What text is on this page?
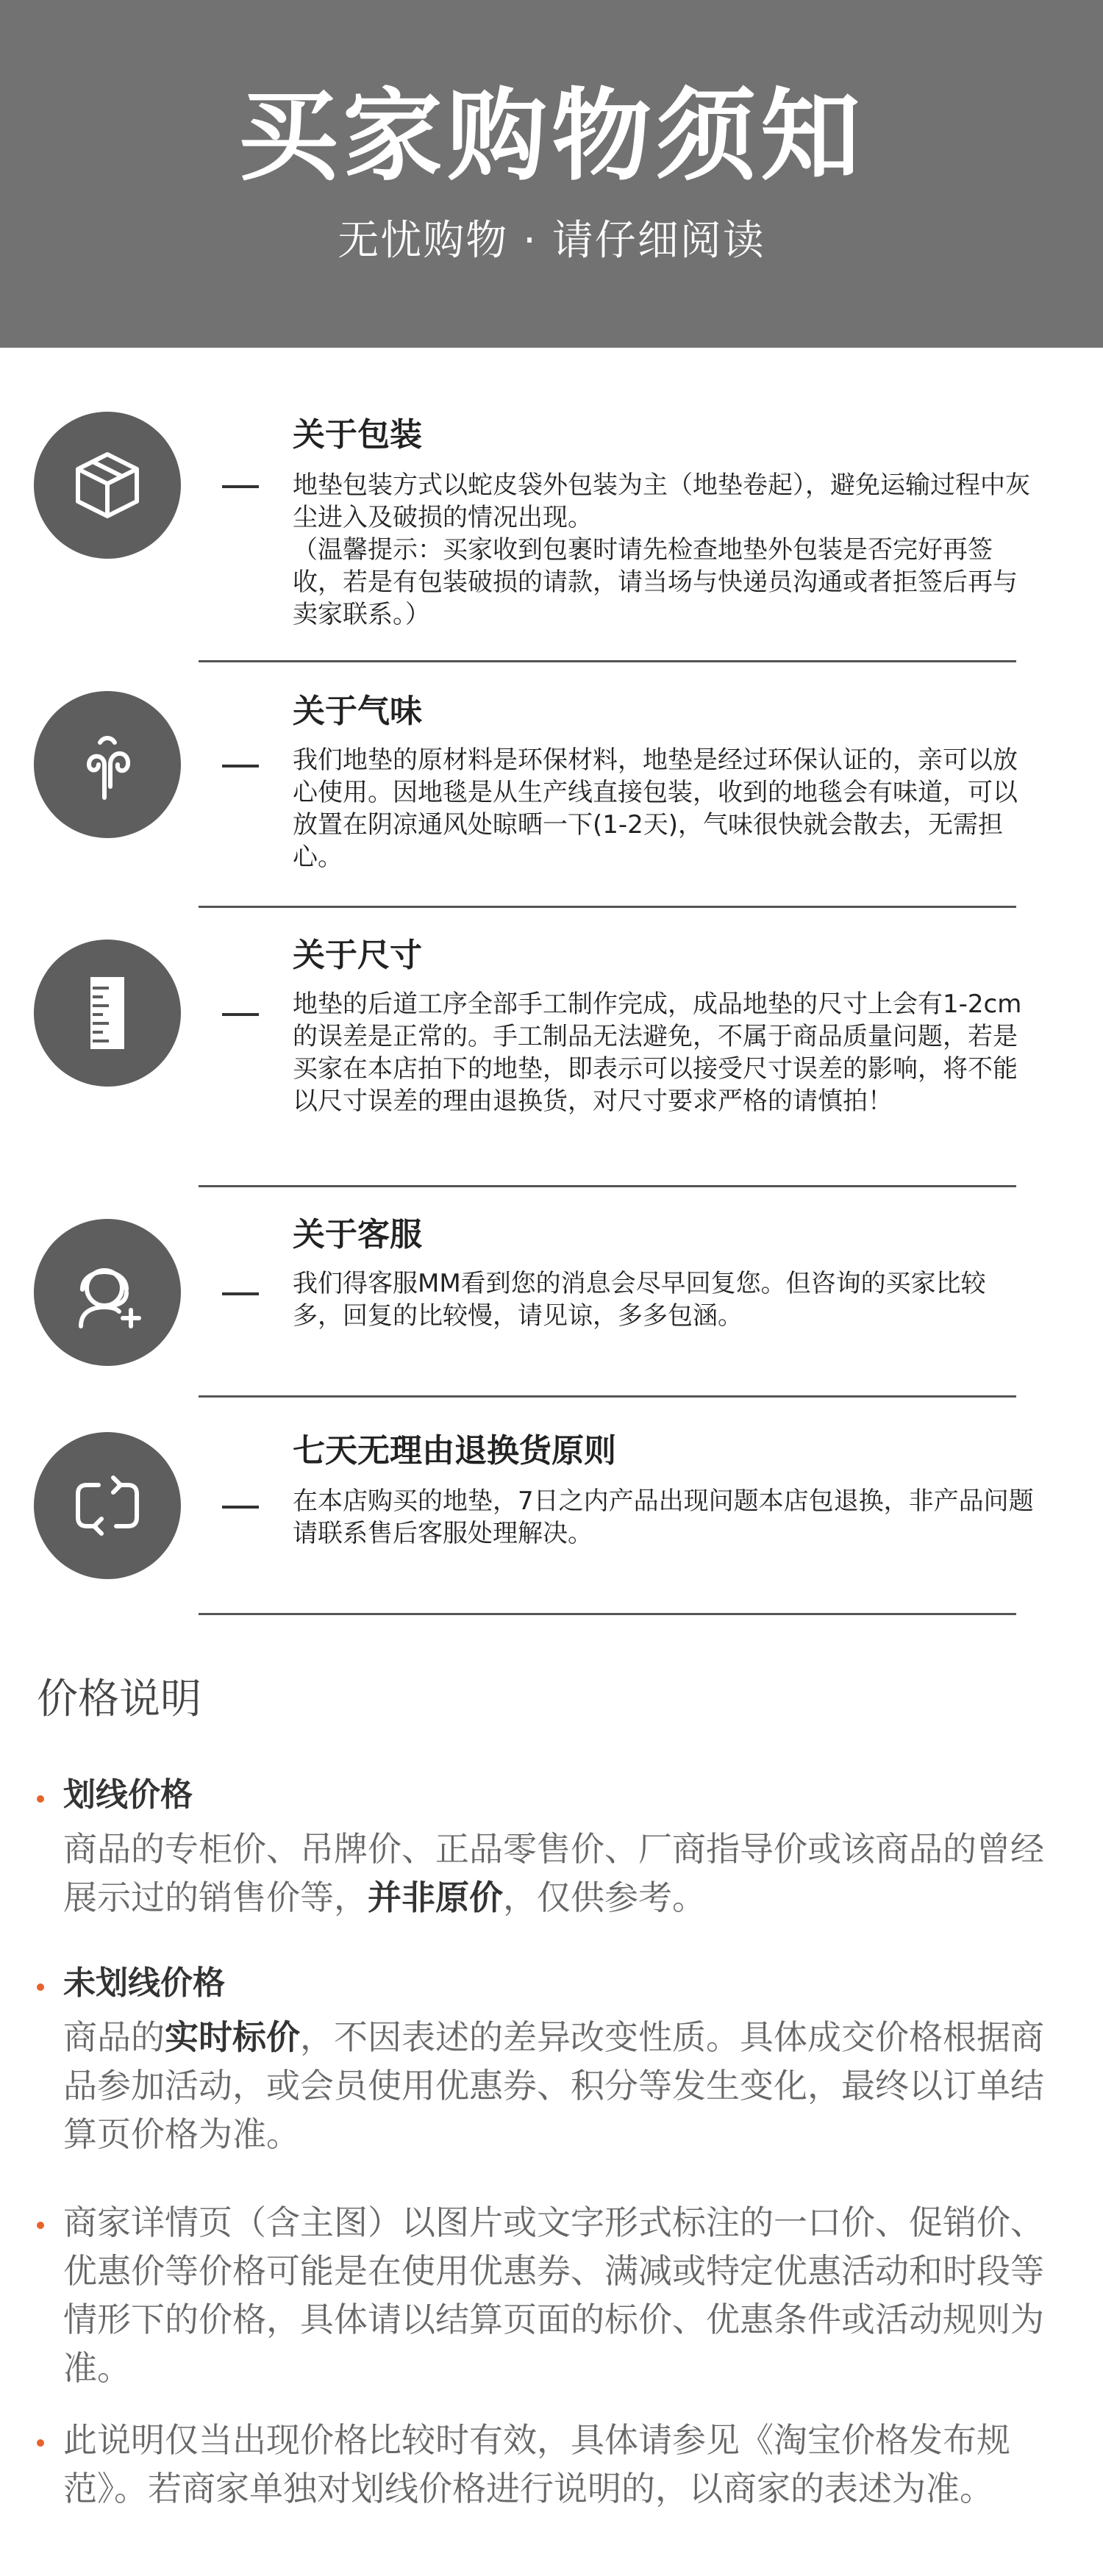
买家购物须知
无忧购物 · 请仔细阅读
关于包装
地垫包装方式以蛇皮袋外包装为主（地垫卷起），避免运输过程中灰尘进入及破损的情况出现。
（温馨提示：买家收到包裹时请先检查地垫外包装是否完好再签收，若是有包装破损的请款，请当场与快递员沟通或者拒签后再与卖家联系。）
关于气味
我们地垫的原材料是环保材料，地垫是经过环保认证的，亲可以放心使用。因地毯是从生产线直接包装，收到的地毯会有味道，可以放置在阴凉通风处晾晒一下(1-2天)，气味很快就会散去，无需担心。
关于尺寸
地垫的后道工序全部手工制作完成，成品地垫的尺寸上会有1-2cm的误差是正常的。手工制品无法避免，不属于商品质量问题，若是买家在本店拍下的地垫，即表示可以接受尺寸误差的影响，将不能以尺寸误差的理由退换货，对尺寸要求严格的请慎拍！
关于客服
我们得客服MM看到您的消息会尽早回复您。但咨询的买家比较多，回复的比较慢，请见谅，多多包涵。
七天无理由退换货原则
在本店购买的地垫，7日之内产品出现问题本店包退换，非产品问题请联系售后客服处理解决。
价格说明
划线价格
商品的专柜价、吊牌价、正品零售价、厂商指导价或该商品的曾经展示过的销售价等，并非原价，仅供参考。
未划线价格
商品的实时标价，不因表述的差异改变性质。具体成交价格根据商品参加活动，或会员使用优惠券、积分等发生变化，最终以订单结算页价格为准。
商家详情页（含主图）以图片或文字形式标注的一口价、促销价、优惠价等价格可能是在使用优惠券、满减或特定优惠活动和时段等情形下的价格，具体请以结算页面的标价、优惠条件或活动规则为准。
此说明仅当出现价格比较时有效，具体请参见《淘宝价格发布规范》。若商家单独对划线价格进行说明的，以商家的表述为准。
